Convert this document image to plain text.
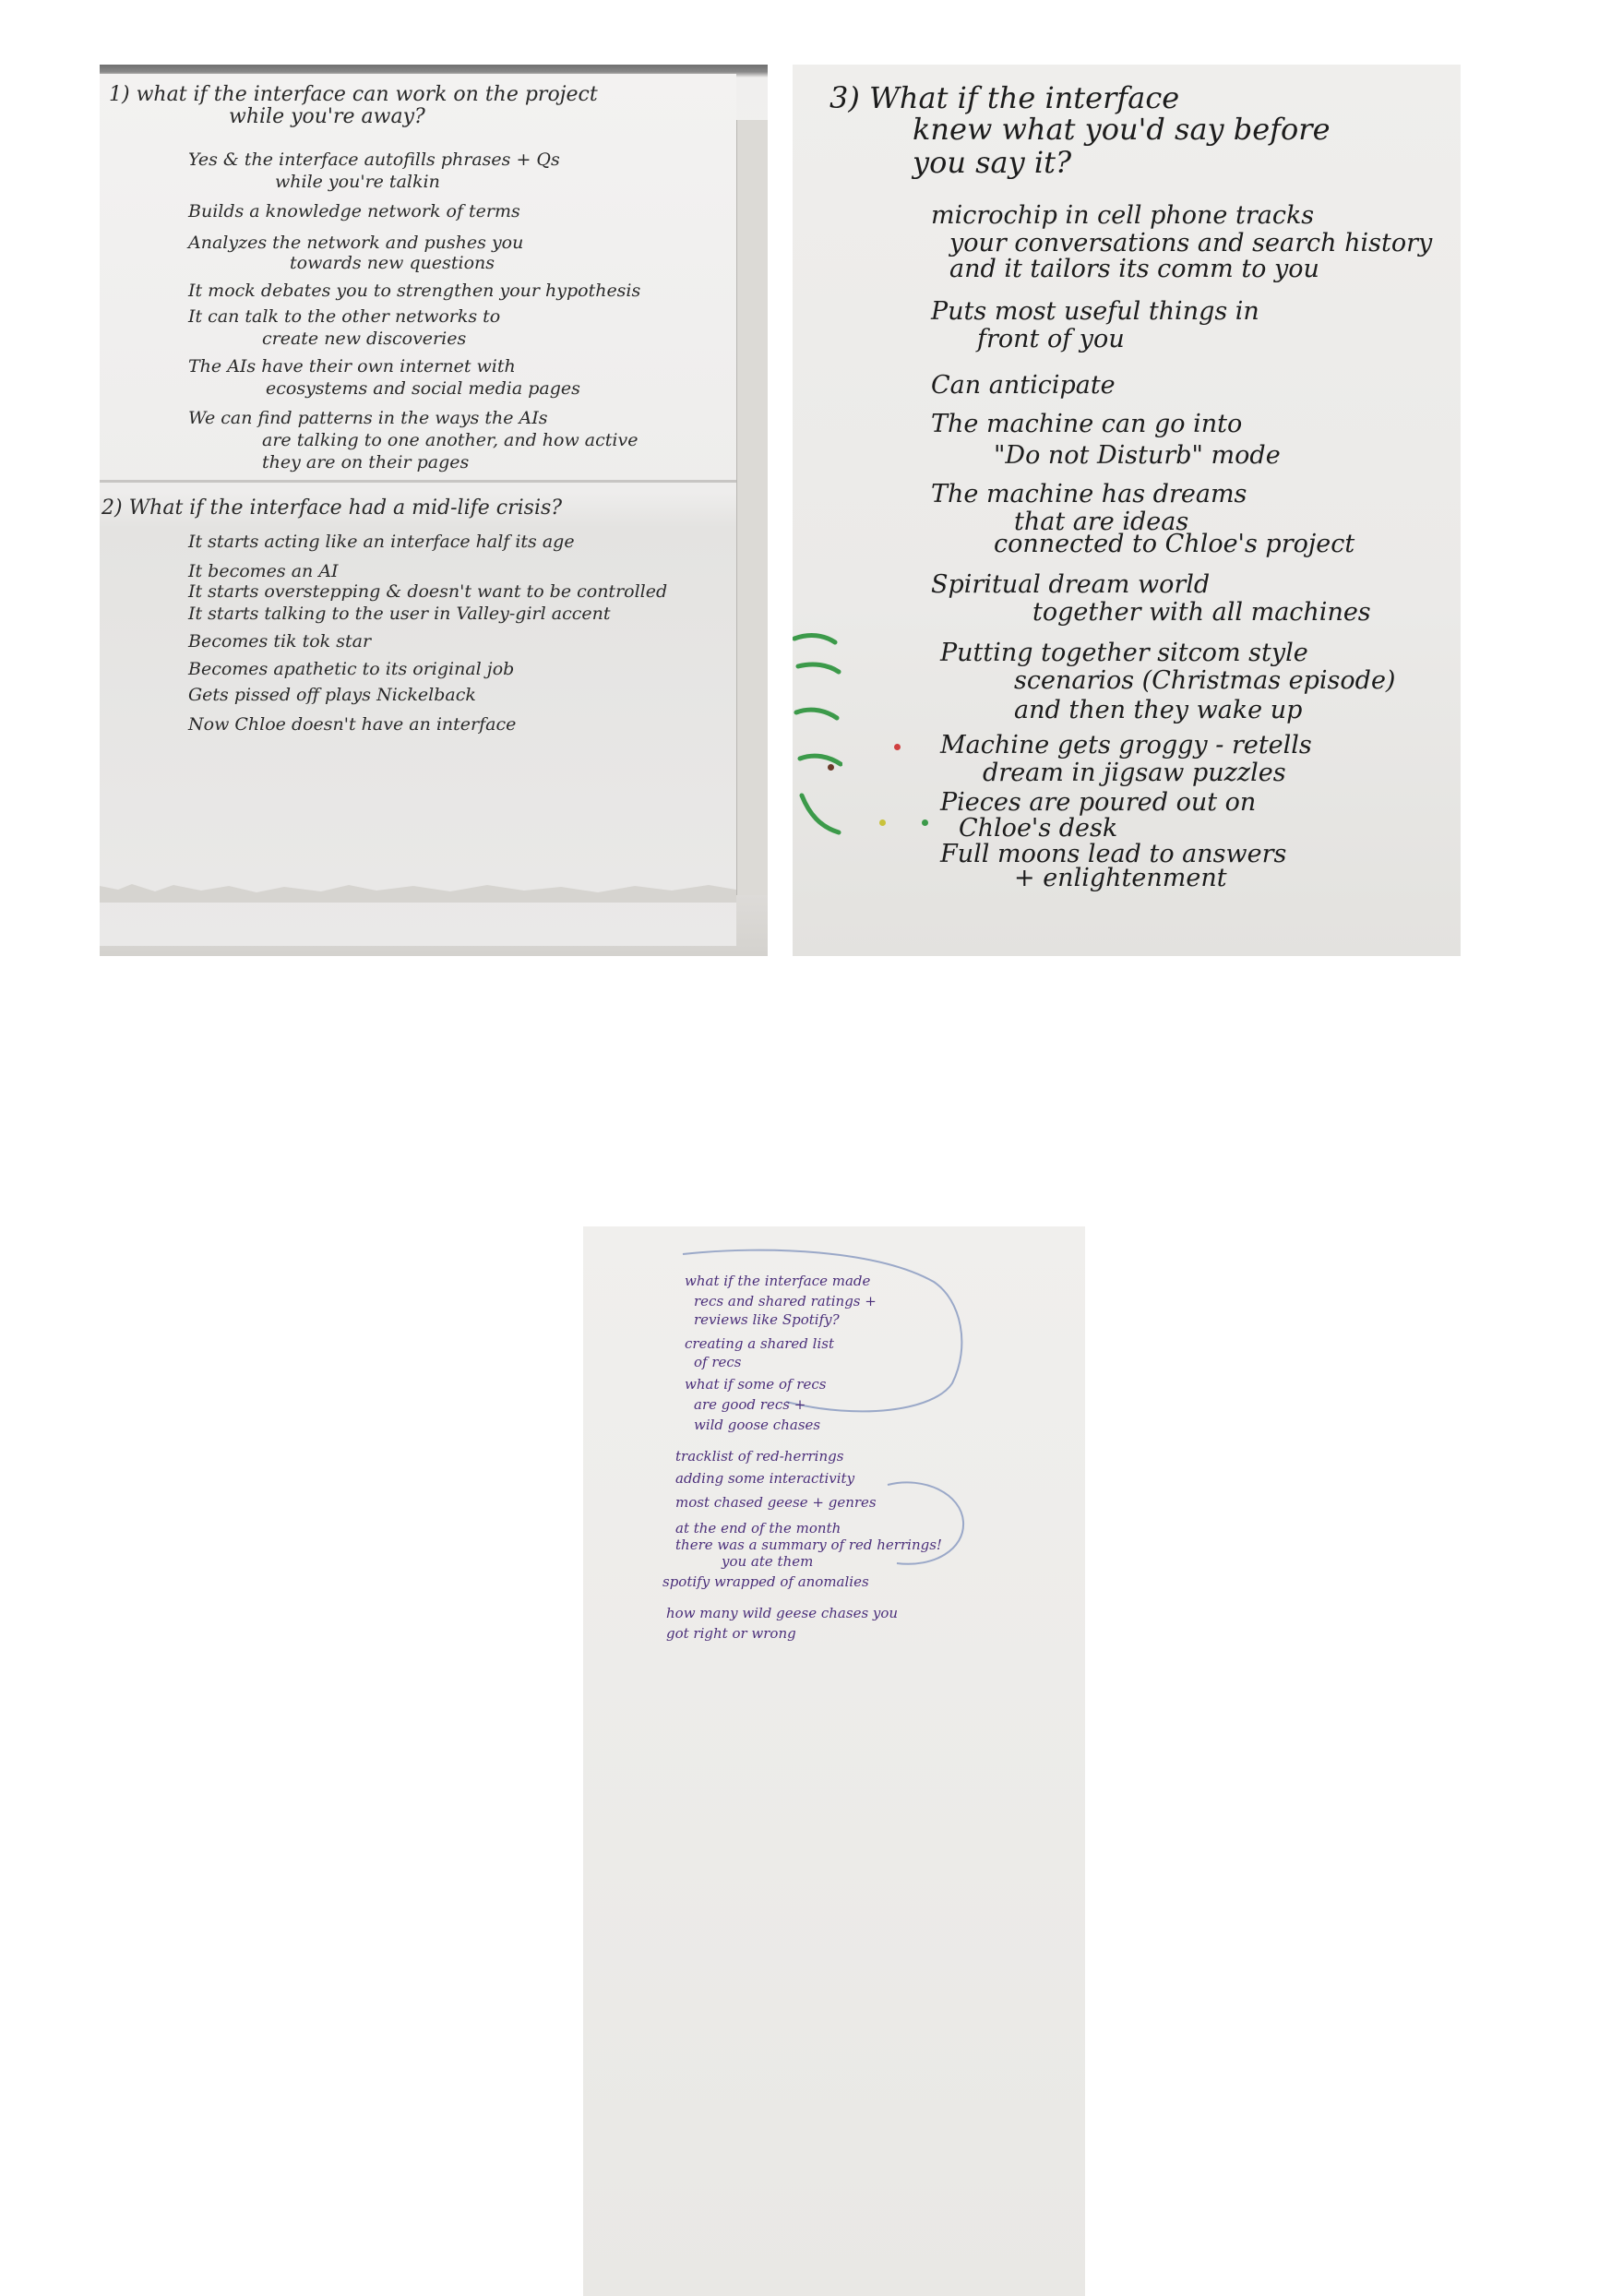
1) what if the interface can work on the project
while you're away?
Yes & the interface autofills phrases + Qs
while you're talkin
Builds a knowledge network of terms
Analyzes the network and pushes you
towards new questions
It mock debates you to strengthen your hypothesis
It can talk to the other networks to
create new discoveries
The AIs have their own internet with
ecosystems and social media pages
We can find patterns in the ways the AIs
are talking to one another, and how active
they are on their pages
2) What if the interface had a mid-life crisis?
It starts acting like an interface half its age
It becomes an AI
It starts overstepping & doesn't want to be controlled
It starts talking to the user in Valley-girl accent
Becomes tik tok star
Becomes apathetic to its original job
Gets pissed off plays Nickelback
Now Chloe doesn't have an interface
3) What if the interface
knew what you'd say before
you say it?
microchip in cell phone tracks
your conversations and search history
and it tailors its comm to you
Puts most useful things in
front of you
Can anticipate
The machine can go into
"Do not Disturb" mode
The machine has dreams
that are ideas
connected to Chloe's project
Spiritual dream world
together with all machines
Putting together sitcom style
scenarios (Christmas episode)
and then they wake up
Machine gets groggy - retells
dream in jigsaw puzzles
Pieces are poured out on
Chloe's desk
Full moons lead to answers
+ enlightenment
what if the interface made
recs and shared ratings +
reviews like Spotify?
creating a shared list
of recs
what if some of recs
are good recs +
wild goose chases
tracklist of red-herrings
adding some interactivity
most chased geese + genres
at the end of the month
there was a summary of red herrings!
you ate them
spotify wrapped of anomalies
how many wild geese chases you
got right or wrong
